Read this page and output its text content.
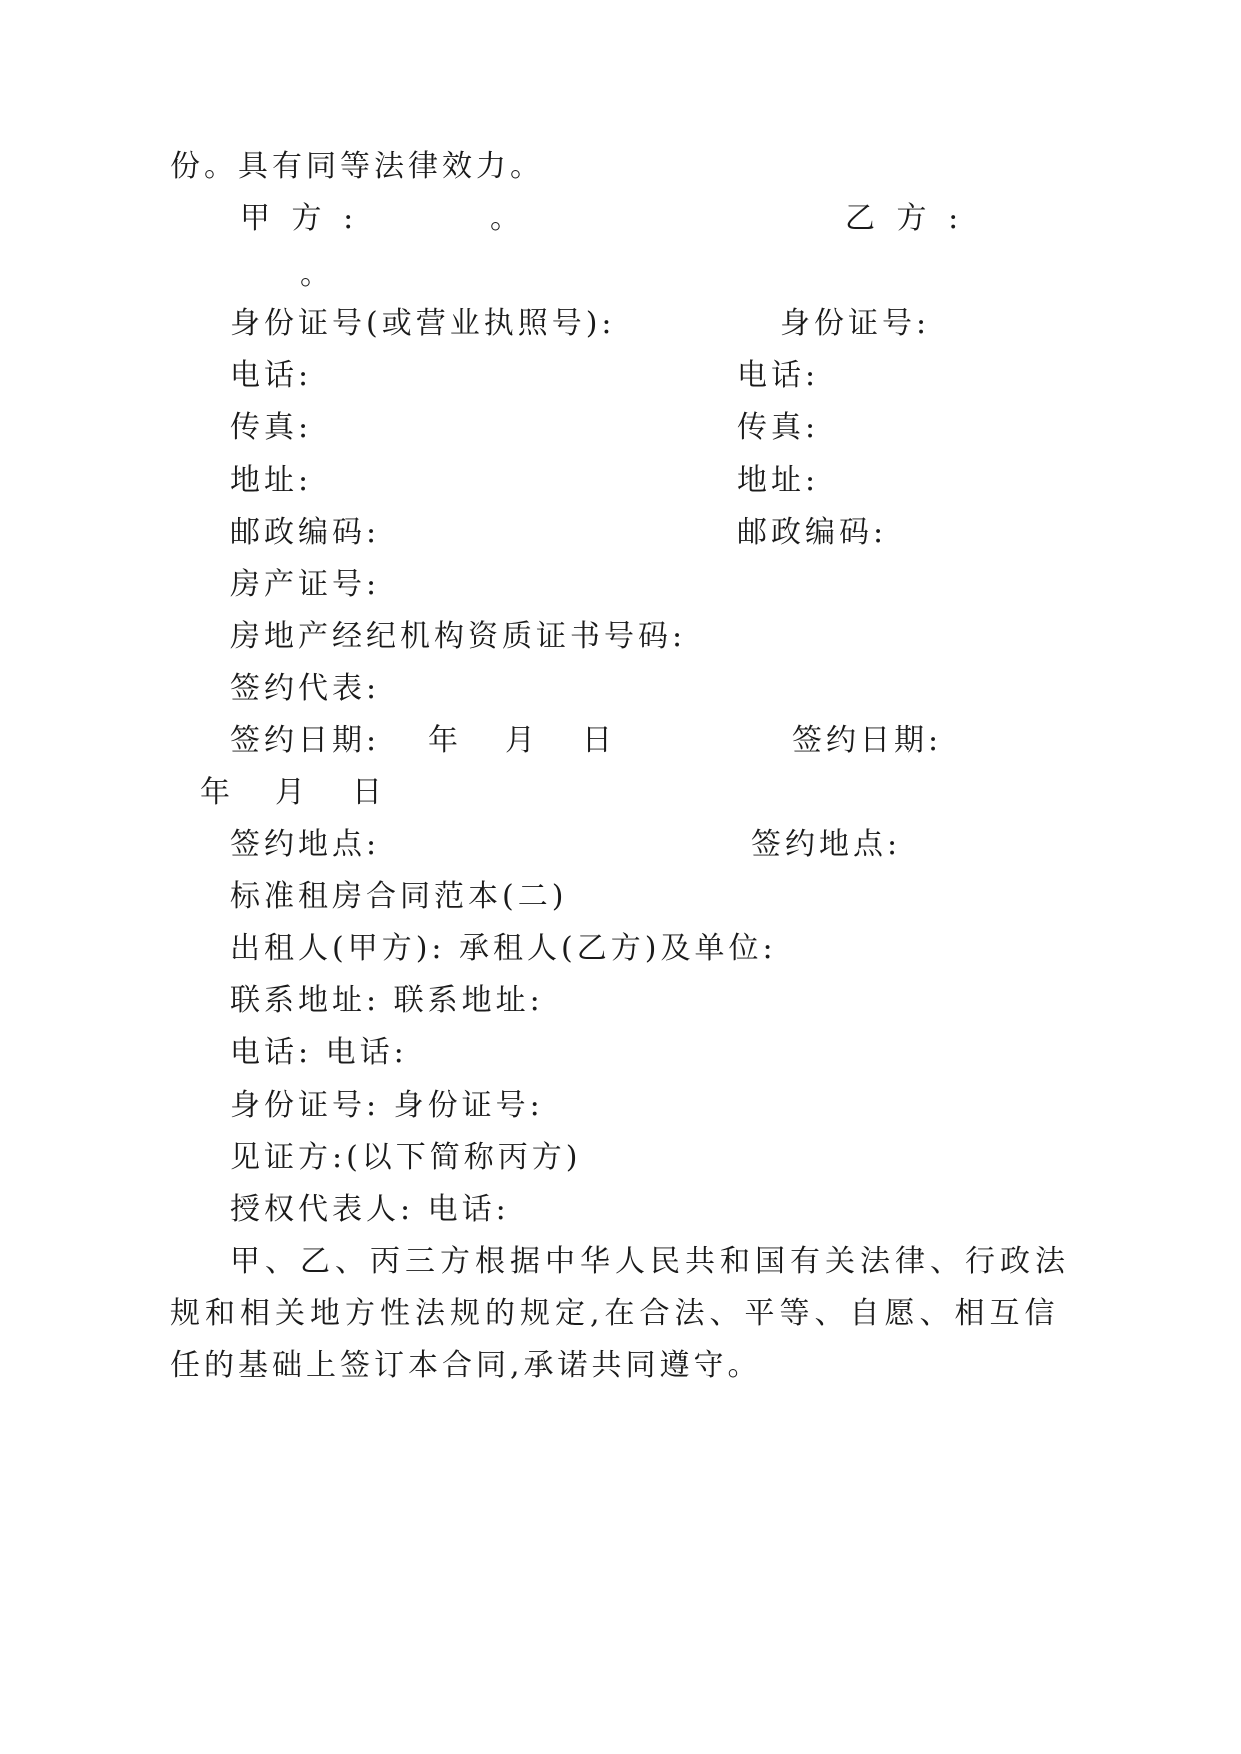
份。具有同等法律效力。
甲 方 :	。	乙 方 :
。
身份证号(或营业执照号):	身份证号:
电话:	电话:
传真:	传真:
地址:	地址:
邮政编码:	邮政编码:
房产证号:
房地产经纪机构资质证书号码:
签约代表:
签约日期: 年 月 日	签约日期:
年 月 日
签约地点:	签约地点:
标准租房合同范本(二)
出租人(甲方): 承租人(乙方)及单位:
联系地址: 联系地址:
电话: 电话:
身份证号: 身份证号:
见证方:(以下简称丙方)
授权代表人: 电话:
甲、乙、丙三方根据中华人民共和国有关法律、行政法
规和相关地方性法规的规定,在合法、平等、自愿、相互信
任的基础上签订本合同,承诺共同遵守。
